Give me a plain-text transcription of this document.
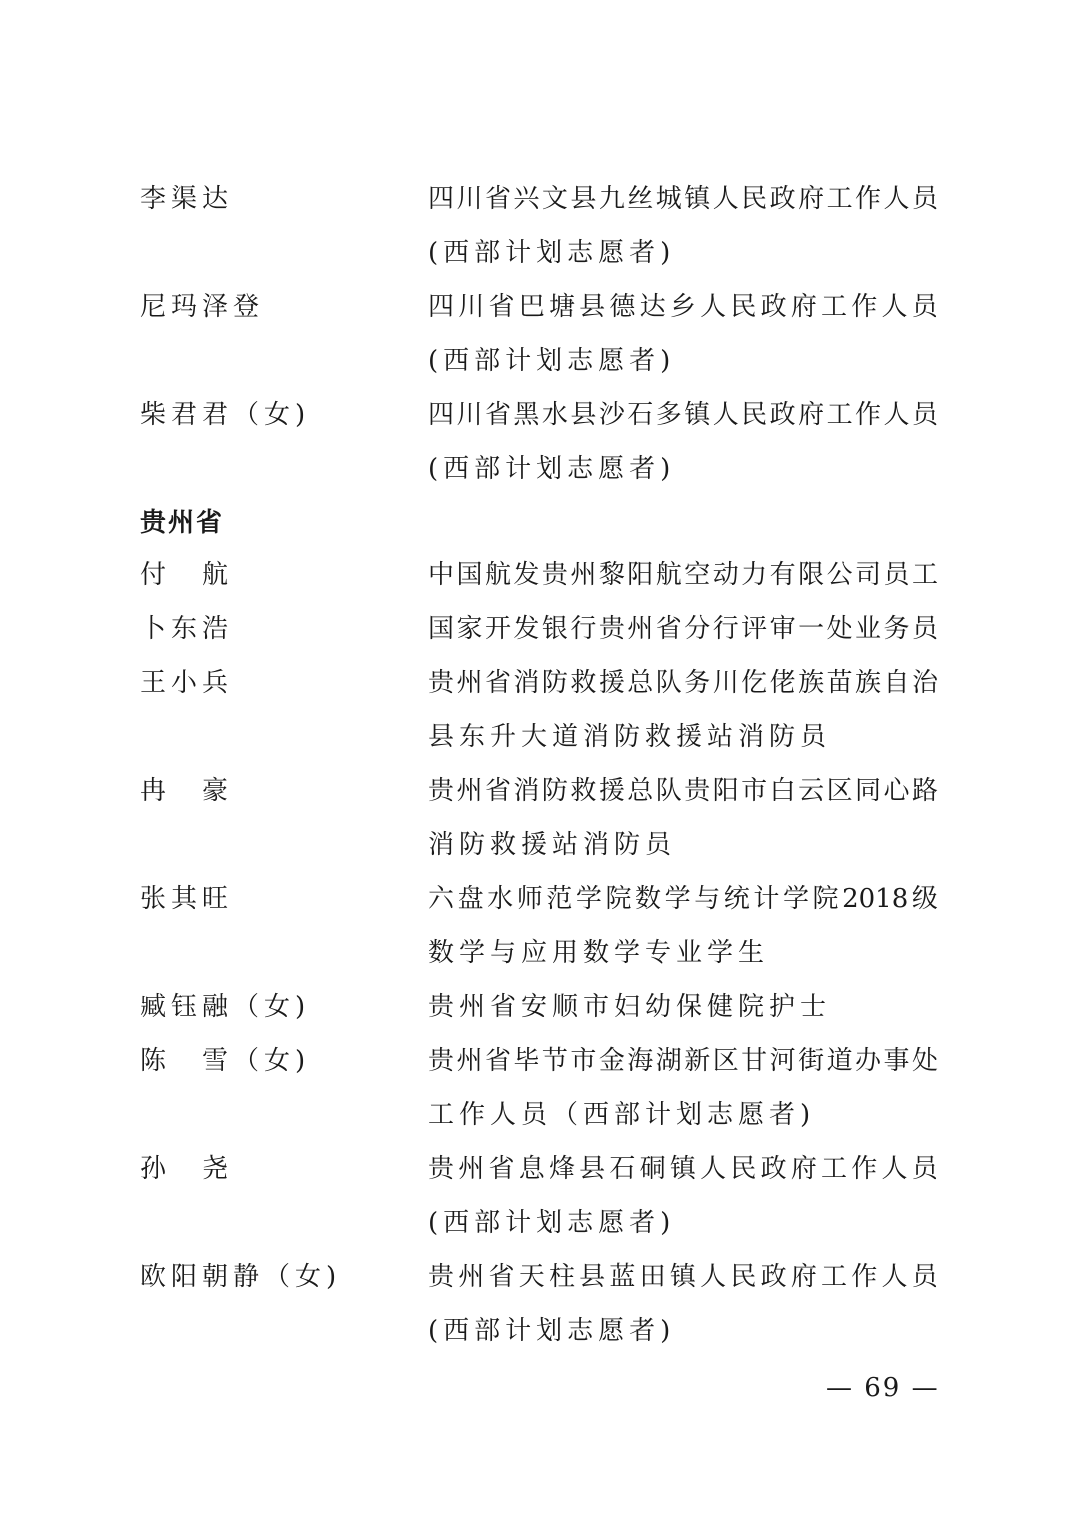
李渠达	四 川 省 兴 文 县 九 丝 城 镇 人 民 政 府 工 作 人 员
(西部计划志愿者)
尼玛泽登	四 川 省 巴 塘 县 德 达 乡 人 民 政 府 工 作 人 员
(西部计划志愿者)
柴君君（女)	四 川 省 黑 水 县 沙 石 多 镇 人 民 政 府 工 作 人 员
(西部计划志愿者)
贵州省
付　航	中 国 航 发 贵 州 黎 阳 航 空 动 力 有 限 公 司 员 工
卜东浩	国 家 开 发 银 行 贵 州 省 分 行 评 审 一 处 业 务 员
王小兵	贵 州 省 消 防 救 援 总 队 务 川 仡 佬 族 苗 族 自 治
县东升大道消防救援站消防员
冉　豪	贵 州 省 消 防 救 援 总 队 贵 阳 市 白 云 区 同 心 路
消防救援站消防员
张其旺	六 盘 水 师 范 学 院 数 学 与 统 计 学 院 2018 级
数学与应用数学专业学生
臧钰融（女)	贵州省安顺市妇幼保健院护士
陈　雪（女)	贵 州 省 毕 节 市 金 海 湖 新 区 甘 河 街 道 办 事 处
工作人员（西部计划志愿者)
孙　尧	贵 州 省 息 烽 县 石 硐 镇 人 民 政 府 工 作 人 员
(西部计划志愿者)
欧阳朝静（女)	贵 州 省 天 柱 县 蓝 田 镇 人 民 政 府 工 作 人 员
(西部计划志愿者)
— 69 —
